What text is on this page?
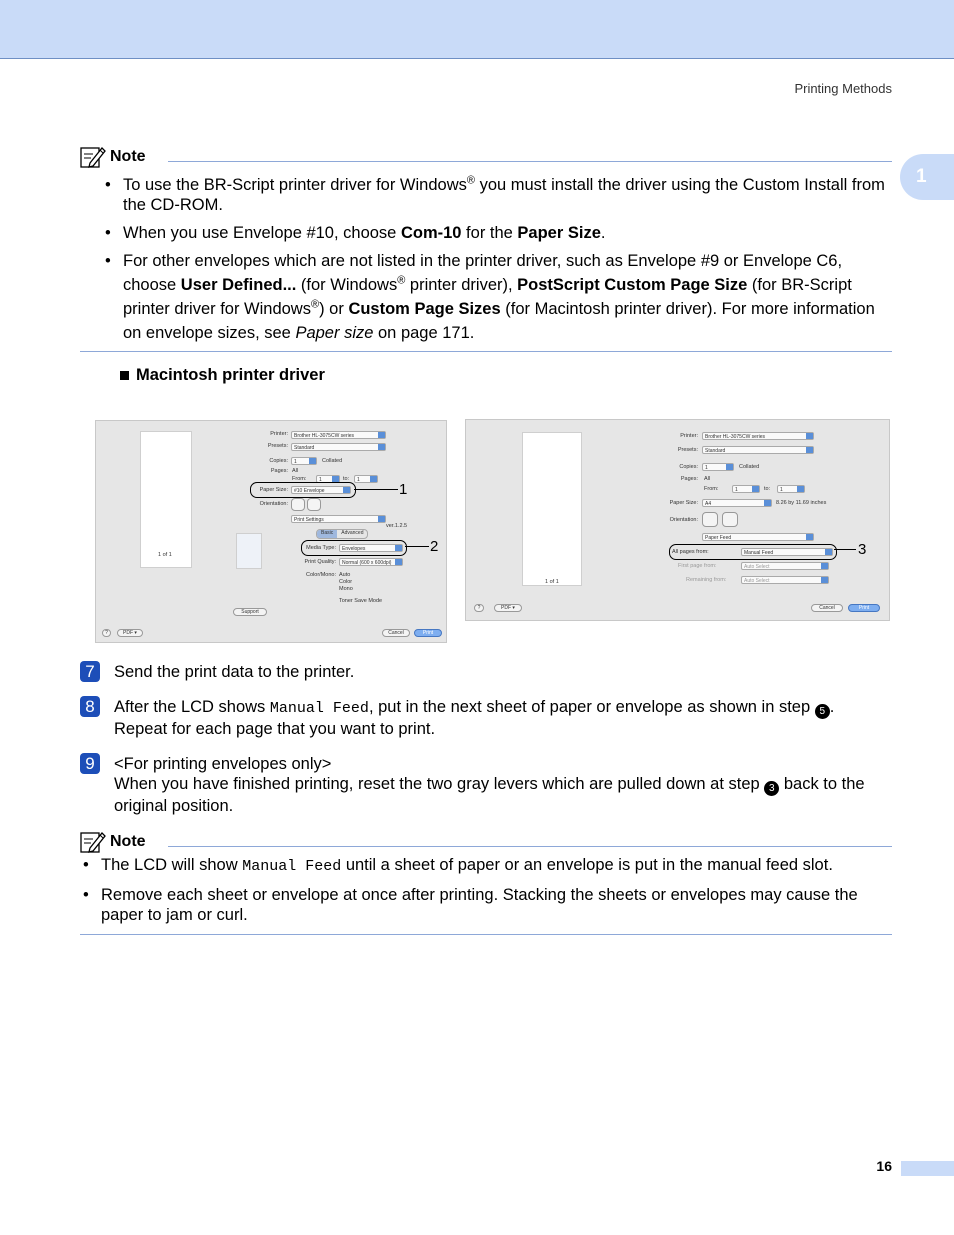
Printing Methods
1
Note
• To use the BR-Script printer driver for Windows® you must install the driver using the Custom Install from the CD-ROM.
• When you use Envelope #10, choose Com-10 for the Paper Size.
• For other envelopes which are not listed in the printer driver, such as Envelope #9 or Envelope C6, choose User Defined... (for Windows® printer driver), PostScript Custom Page Size (for BR-Script printer driver for Windows®) or Custom Page Sizes (for Macintosh printer driver). For more information on envelope sizes, see Paper size on page 171.
Macintosh printer driver
Printer:	Brother HL-3075CW series
Presets:	Standard
Copies:	1	Collated
Pages: All
From:	1	to:	1
Paper Size:	#10 Envelope
Orientation:
Print Settings
Basic	Advanced
ver.1.2.5
Media Type:	Envelopes
Print Quality:	Normal (600 x 600dpi)
Color/Mono: Auto
Color
Mono
Toner Save Mode
1 of 1
Support
?	PDF ▾	Cancel	Print
1
2
Printer:	Brother HL-3075CW series
Presets:	Standard
Copies:	1	Collated
Pages: All
From:	1	to:	1
Paper Size:	A4	8.26 by 11.69 inches
Orientation:
Paper Feed
All pages from:	Manual Feed
First page from:	Auto Select
Remaining from:	Auto Select
1 of 1
?	PDF ▾	Cancel	Print
3
7	Send the print data to the printer.
8	After the LCD shows Manual Feed, put in the next sheet of paper or envelope as shown in step 5 . Repeat for each page that you want to print.
9	<For printing envelopes only>
When you have finished printing, reset the two gray levers which are pulled down at step 3 back to the original position.
Note
• The LCD will show Manual Feed until a sheet of paper or an envelope is put in the manual feed slot.
• Remove each sheet or envelope at once after printing. Stacking the sheets or envelopes may cause the paper to jam or curl.
16
